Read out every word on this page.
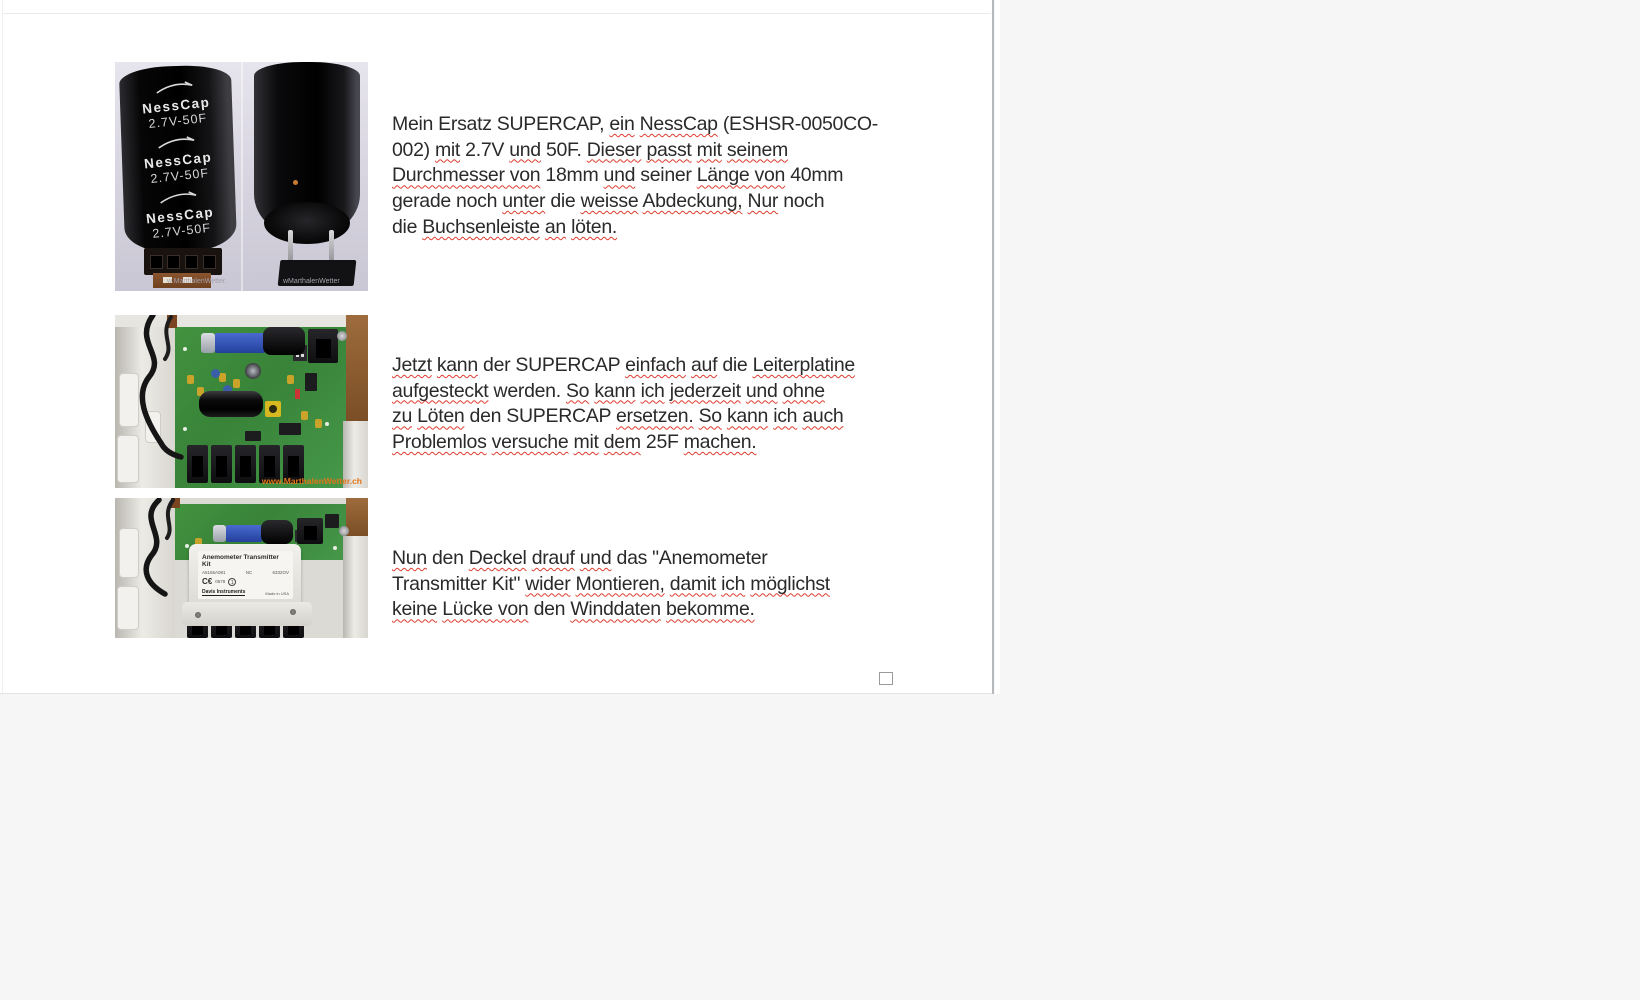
NessCap
2.7V-50F
NessCap
2.7V-50F
NessCap
2.7V-50F
w.MarthalenWetter.	wMarthalenWetter
www.MarthalenWetter.ch
Anemometer Transmitter Kit
A6155A081	NC	6332OV
C€ 0678	1
Davis Instruments	Made in USA
Mein Ersatz SUPERCAP, ein NessCap (ESHSR-0050CO-
002) mit 2.7V und 50F. Dieser passt mit seinem
Durchmesser von 18mm und seiner Länge von 40mm
gerade noch unter die weisse Abdeckung, Nur noch
die Buchsenleiste an löten.
Jetzt kann der SUPERCAP einfach auf die Leiterplatine
aufgesteckt werden. So kann ich jederzeit und ohne
zu Löten den SUPERCAP ersetzen. So kann ich auch
Problemlos versuche mit dem 25F machen.
Nun den Deckel drauf und das "Anemometer
Transmitter Kit" wider Montieren, damit ich möglichst
keine Lücke von den Winddaten bekomme.
